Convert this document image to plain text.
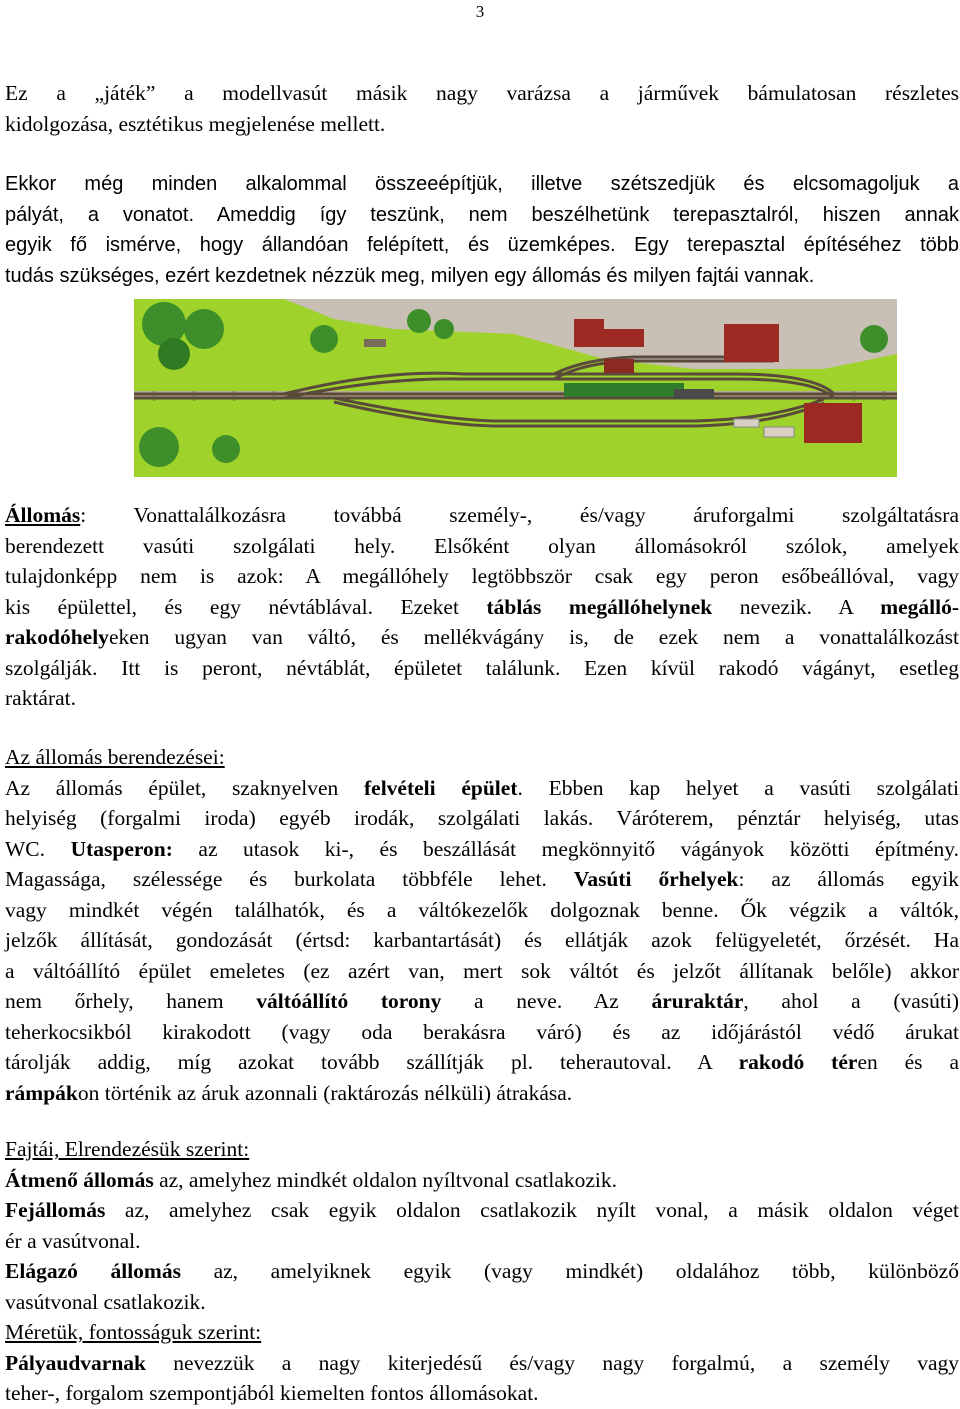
3
Ez a „játék” a modellvasút másik nagy varázsa a járművek bámulatosan részletes
kidolgozása, esztétikus megjelenése mellett.
Ekkor még minden alkalommal összeeépítjük, illetve szétszedjük és elcsomagoljuk a
pályát, a vonatot. Ameddig így teszünk, nem beszélhetünk terepasztalról, hiszen annak
egyik fő ismérve, hogy állandóan felépített, és üzemképes. Egy terepasztal építéséhez több
tudás szükséges, ezért kezdetnek nézzük meg, milyen egy állomás és milyen fajtái vannak.
Állomás: Vonattalálkozásra továbbá személy-, és/vagy áruforgalmi szolgáltatásra
berendezett vasúti szolgálati hely. Elsőként olyan állomásokról szólok, amelyek
tulajdonképp nem is azok: A megállóhely legtöbbször csak egy peron esőbeállóval, vagy
kis épülettel, és egy névtáblával. Ezeket táblás megállóhelynek nevezik. A megálló-
rakodóhelyeken ugyan van váltó, és mellékvágány is, de ezek nem a vonattalálkozást
szolgálják. Itt is peront, névtáblát, épületet találunk. Ezen kívül rakodó vágányt, esetleg
raktárat.
Az állomás berendezései:
Az állomás épület, szaknyelven felvételi épület. Ebben kap helyet a vasúti szolgálati
helyiség (forgalmi iroda) egyéb irodák, szolgálati lakás. Váróterem, pénztár helyiség, utas
WC. Utasperon: az utasok ki-, és beszállását megkönnyitő vágányok közötti építmény.
Magassága, szélessége és burkolata többféle lehet. Vasúti őrhelyek: az állomás egyik
vagy mindkét végén találhatók, és a váltókezelők dolgoznak benne. Ők végzik a váltók,
jelzők állítását, gondozását (értsd: karbantartását) és ellátják azok felügyeletét, őrzését. Ha
a váltóállító épület emeletes (ez azért van, mert sok váltót és jelzőt állítanak belőle) akkor
nem őrhely, hanem váltóállító torony a neve. Az áruraktár, ahol a (vasúti)
teherkocsikból kirakodott (vagy oda berakásra váró) és az időjárástól védő árukat
tárolják addig, míg azokat tovább szállítják pl. teherautoval. A rakodó téren és a
rámpákon történik az áruk azonnali (raktározás nélküli) átrakása.
Fajtái, Elrendezésük szerint:
Átmenő állomás az, amelyhez mindkét oldalon nyíltvonal csatlakozik.
Fejállomás az, amelyhez csak egyik oldalon csatlakozik nyílt vonal, a másik oldalon véget
ér a vasútvonal.
Elágazó állomás az, amelyiknek egyik (vagy mindkét) oldalához több, különböző
vasútvonal csatlakozik.
Méretük, fontosságuk szerint:
Pályaudvarnak nevezzük a nagy kiterjedésű és/vagy nagy forgalmú, a személy vagy
teher-, forgalom szempontjából kiemelten fontos állomásokat.
